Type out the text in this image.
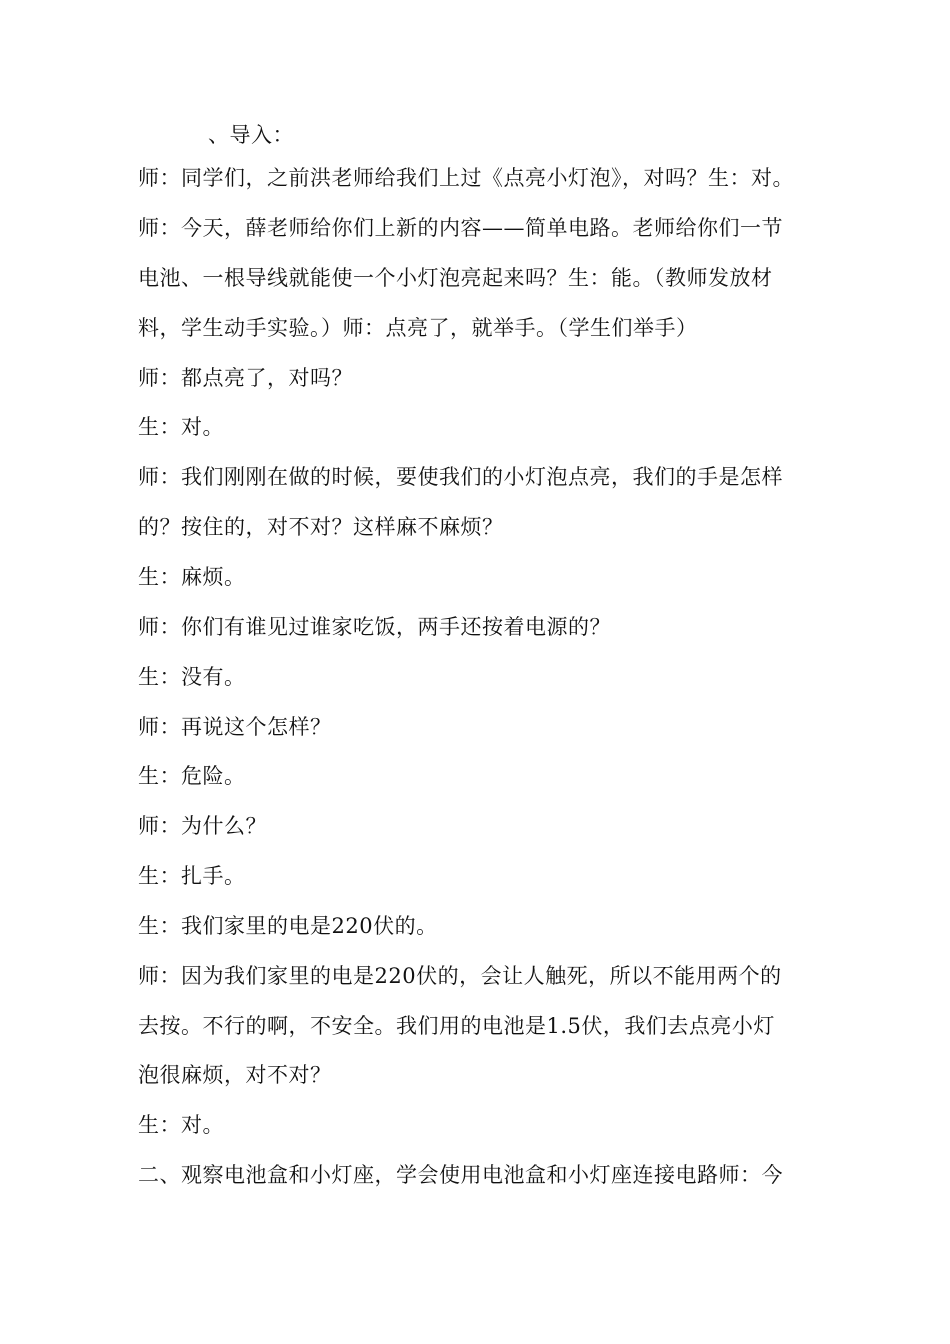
、导入：
师：同学们，之前洪老师给我们上过《点亮小灯泡》，对吗？生：对。
师：今天，薛老师给你们上新的内容——简单电路。老师给你们一节
电池、一根导线就能使一个小灯泡亮起来吗？生：能。（教师发放材
料，学生动手实验。）师：点亮了，就举手。（学生们举手）
师：都点亮了，对吗？
生：对。
师：我们刚刚在做的时候，要使我们的小灯泡点亮，我们的手是怎样
的？按住的，对不对？这样麻不麻烦？
生：麻烦。
师：你们有谁见过谁家吃饭，两手还按着电源的？
生：没有。
师：再说这个怎样？
生：危险。
师：为什么？
生：扎手。
生：我们家里的电是220伏的。
师：因为我们家里的电是220伏的，会让人触死，所以不能用两个的
去按。不行的啊，不安全。我们用的电池是1.5伏，我们去点亮小灯
泡很麻烦，对不对？
生：对。
二、观察电池盒和小灯座，学会使用电池盒和小灯座连接电路师：今
